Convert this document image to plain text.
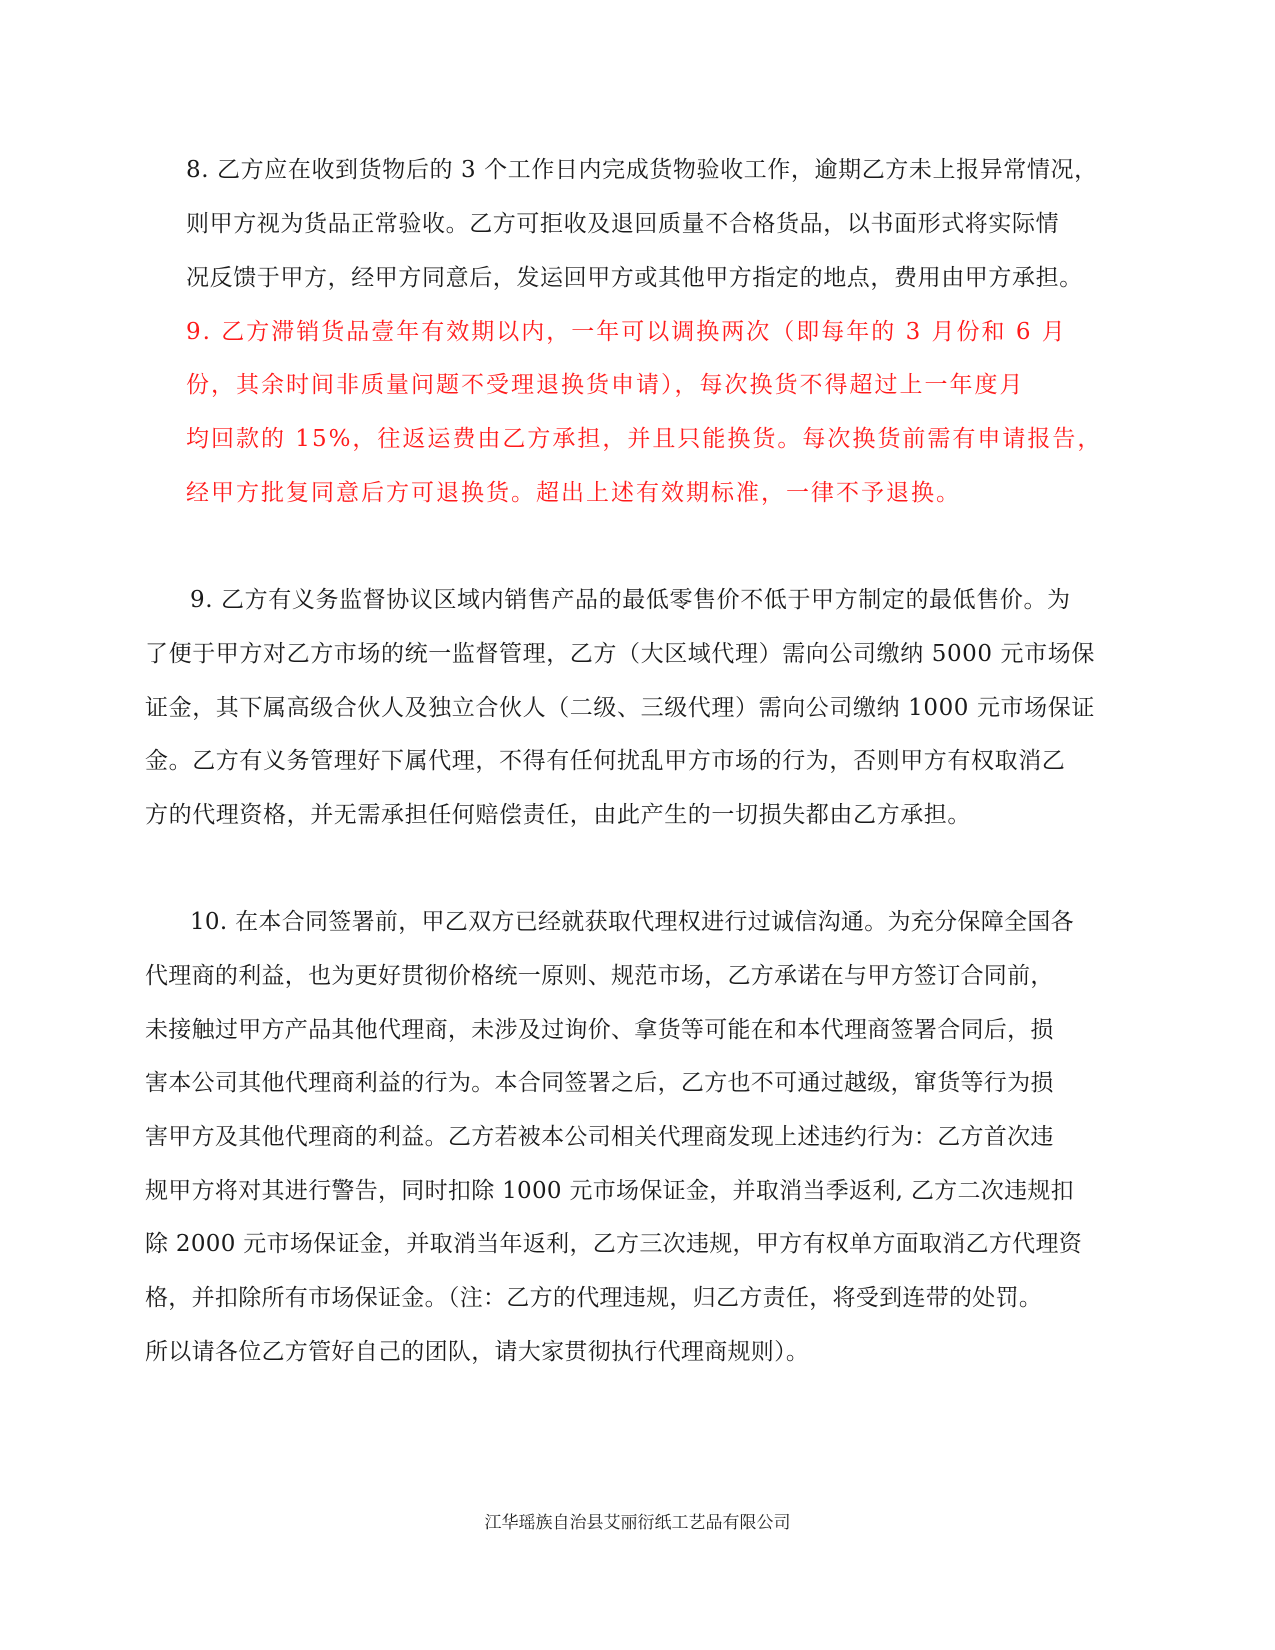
8. 乙方应在收到货物后的 3 个工作日内完成货物验收工作，逾期乙方未上报异常情况，
则甲方视为货品正常验收。乙方可拒收及退回质量不合格货品，以书面形式将实际情
况反馈于甲方，经甲方同意后，发运回甲方或其他甲方指定的地点，费用由甲方承担。
9. 乙方滞销货品壹年有效期以内，一年可以调换两次（即每年的 3 月份和 6 月
份，其余时间非质量问题不受理退换货申请），每次换货不得超过上一年度月
均回款的 15%，往返运费由乙方承担，并且只能换货。每次换货前需有申请报告，
经甲方批复同意后方可退换货。超出上述有效期标准，一律不予退换。
9. 乙方有义务监督协议区域内销售产品的最低零售价不低于甲方制定的最低售价。为
了便于甲方对乙方市场的统一监督管理，乙方（大区域代理）需向公司缴纳 5000 元市场保
证金，其下属高级合伙人及独立合伙人（二级、三级代理）需向公司缴纳 1000 元市场保证
金。乙方有义务管理好下属代理，不得有任何扰乱甲方市场的行为，否则甲方有权取消乙
方的代理资格，并无需承担任何赔偿责任，由此产生的一切损失都由乙方承担。
10. 在本合同签署前，甲乙双方已经就获取代理权进行过诚信沟通。为充分保障全国各
代理商的利益，也为更好贯彻价格统一原则、规范市场，乙方承诺在与甲方签订合同前，
未接触过甲方产品其他代理商，未涉及过询价、拿货等可能在和本代理商签署合同后，损
害本公司其他代理商利益的行为。本合同签署之后，乙方也不可通过越级，窜货等行为损
害甲方及其他代理商的利益。乙方若被本公司相关代理商发现上述违约行为：乙方首次违
规甲方将对其进行警告，同时扣除 1000 元市场保证金，并取消当季返利, 乙方二次违规扣
除 2000 元市场保证金，并取消当年返利，乙方三次违规，甲方有权单方面取消乙方代理资
格，并扣除所有市场保证金。（注：乙方的代理违规，归乙方责任，将受到连带的处罚。
所以请各位乙方管好自己的团队，请大家贯彻执行代理商规则）。
江华瑶族自治县艾丽衍纸工艺品有限公司
